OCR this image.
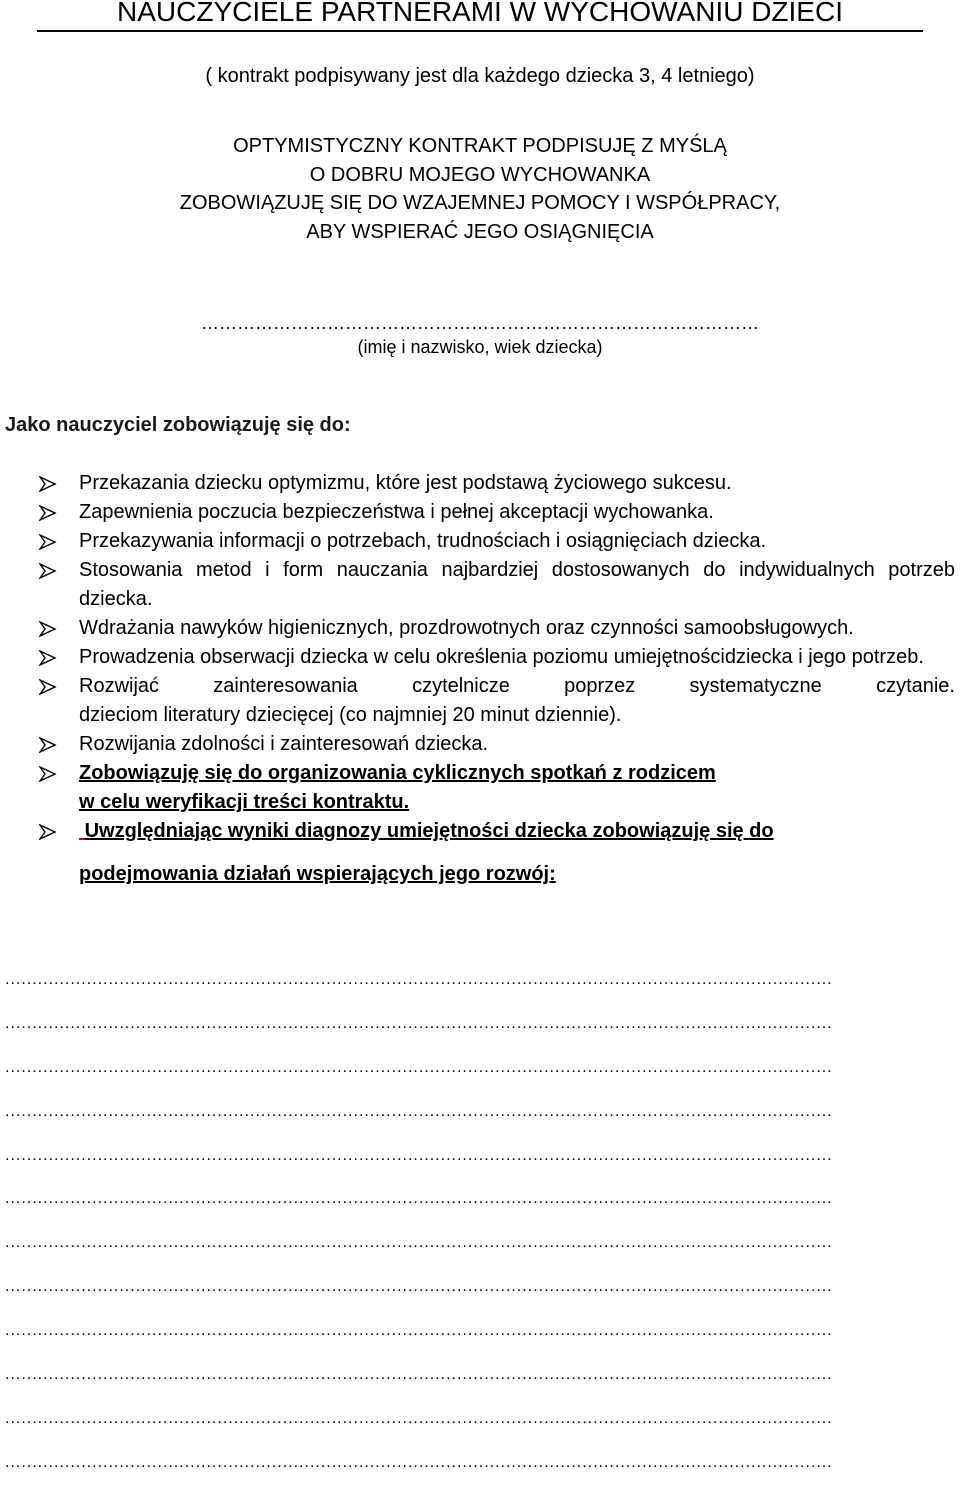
NAUCZYCIELE PARTNERAMI W WYCHOWANIU DZIECI
( kontrakt podpisywany jest dla każdego dziecka 3, 4 letniego)
OPTYMISTYCZNY KONTRAKT PODPISUJĘ Z MYŚLĄ
O DOBRU MOJEGO WYCHOWANKA
ZOBOWIĄZUJĘ SIĘ DO WZAJEMNEJ POMOCY I WSPÓŁPRACY,
ABY WSPIERAĆ JEGO OSIĄGNIĘCIA
…………………………………………………………………………………
(imię i nazwisko, wiek dziecka)
Jako nauczyciel zobowiązuję się do:

Przekazania dziecku optymizmu, które jest podstawą życiowego sukcesu.

Zapewnienia poczucia bezpieczeństwa i pełnej akceptacji wychowanka.

Przekazywania informacji o potrzebach, trudnościach i osiągnięciach dziecka.

Stosowania metod i form nauczania najbardziej dostosowanych do indywidualnych potrzeb dziecka.

Wdrażania nawyków higienicznych, prozdrowotnych oraz czynności samoobsługowych.

Prowadzenia obserwacji dziecka w celu określenia poziomu umiejętnościdziecka i jego potrzeb.

Rozwijać zainteresowania czytelnicze poprzez systematyczne czytanie.

dzieciom literatury dziecięcej (co najmniej 20 minut dziennie).

Rozwijania zdolności i zainteresowań dziecka.

Zobowiązuję się do organizowania cyklicznych spotkań z rodzicem

w celu weryfikacji treści kontraktu.

Uwzględniając wyniki diagnozy umiejętności dziecka zobowiązuję się do

podejmowania działań wspierających jego rozwój:

........................................................................................................................................................
........................................................................................................................................................
........................................................................................................................................................
........................................................................................................................................................
........................................................................................................................................................
........................................................................................................................................................
........................................................................................................................................................
........................................................................................................................................................
........................................................................................................................................................
........................................................................................................................................................
........................................................................................................................................................
........................................................................................................................................................
